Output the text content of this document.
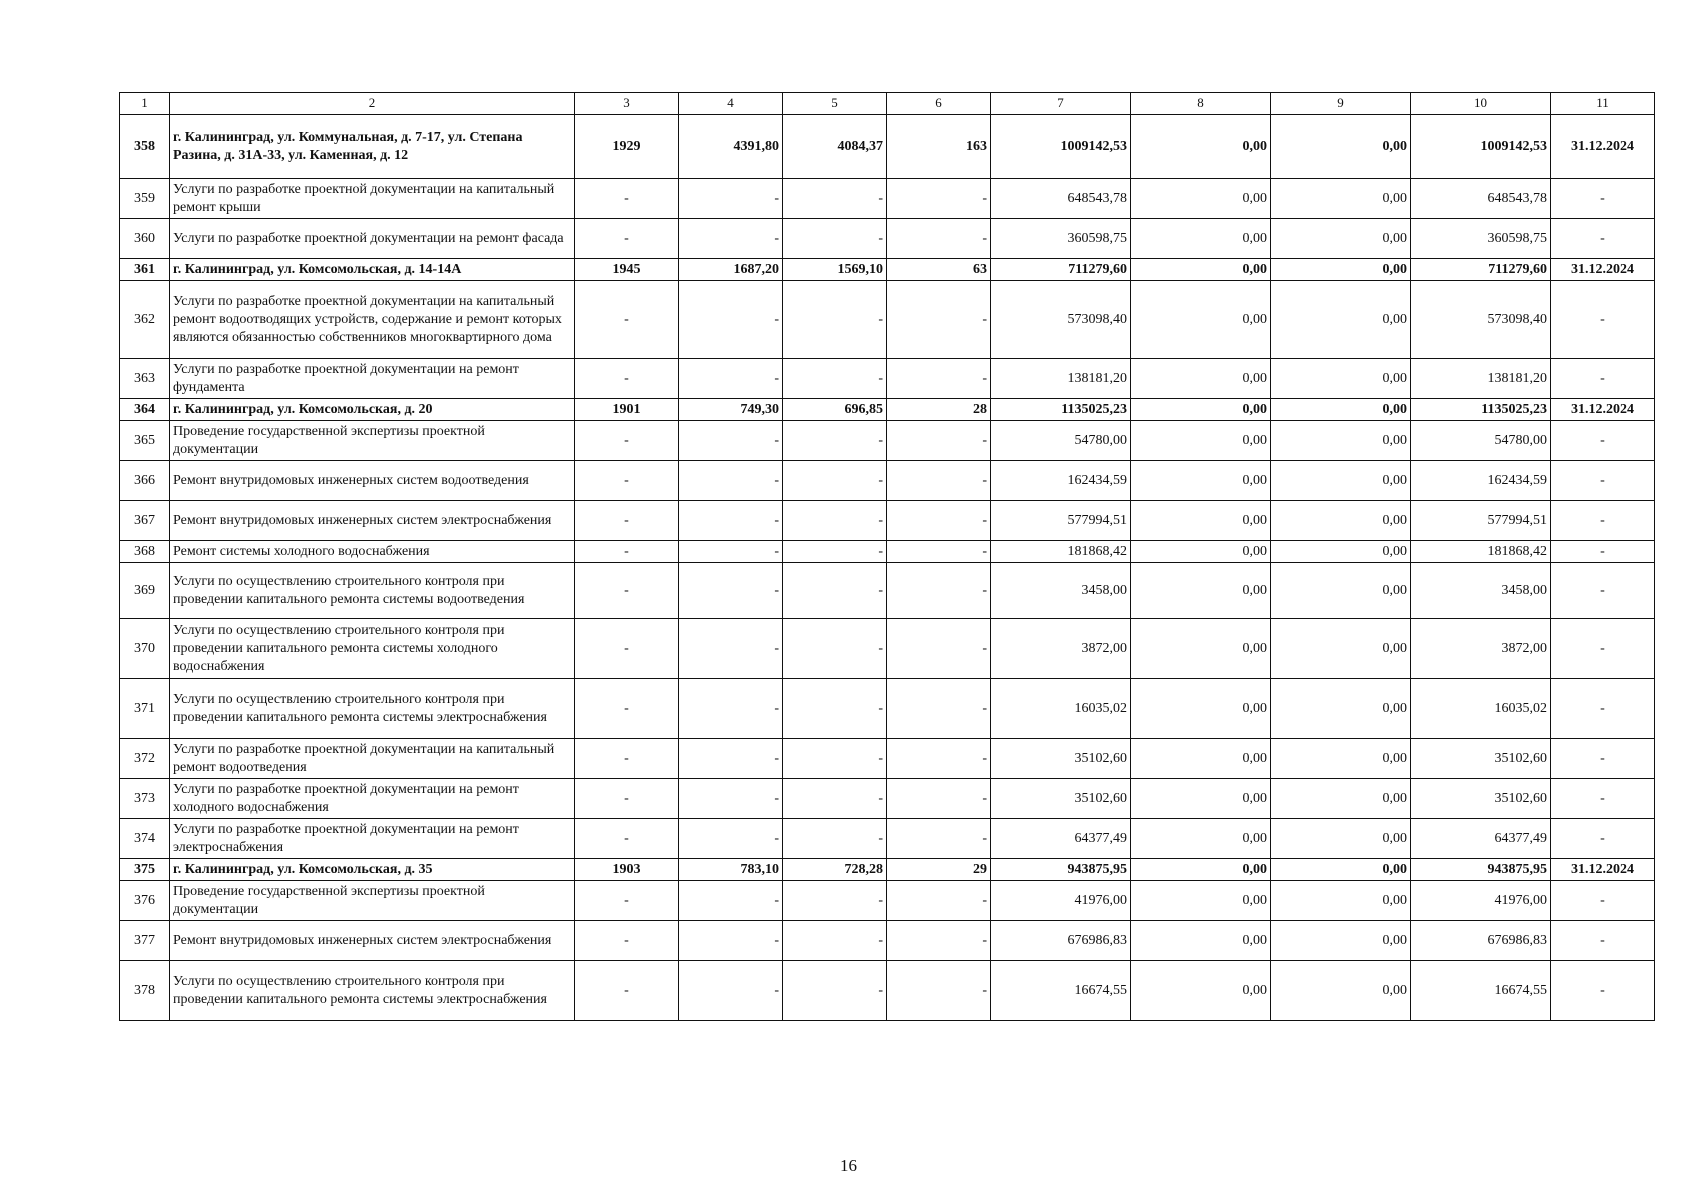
1	2	3	4	5	6	7	8	9	10	11
358	г. Калининград, ул. Коммунальная, д. 7-17, ул. Степана Разина, д. 31А-33, ул. Каменная, д. 12	1929	4391,80	4084,37	163	1009142,53	0,00	0,00	1009142,53	31.12.2024
359	Услуги по разработке проектной документации на капитальный ремонт крыши	-	-	-	-	648543,78	0,00	0,00	648543,78	-
360	Услуги по разработке проектной документации на ремонт фасада	-	-	-	-	360598,75	0,00	0,00	360598,75	-
361	г. Калининград, ул. Комсомольская, д. 14-14А	1945	1687,20	1569,10	63	711279,60	0,00	0,00	711279,60	31.12.2024
362	Услуги по разработке проектной документации на капитальный ремонт водоотводящих устройств, содержание и ремонт которых являются обязанностью собственников многоквартирного дома	-	-	-	-	573098,40	0,00	0,00	573098,40	-
363	Услуги по разработке проектной документации на ремонт фундамента	-	-	-	-	138181,20	0,00	0,00	138181,20	-
364	г. Калининград, ул. Комсомольская, д. 20	1901	749,30	696,85	28	1135025,23	0,00	0,00	1135025,23	31.12.2024
365	Проведение государственной экспертизы проектной документации	-	-	-	-	54780,00	0,00	0,00	54780,00	-
366	Ремонт внутридомовых инженерных систем водоотведения	-	-	-	-	162434,59	0,00	0,00	162434,59	-
367	Ремонт внутридомовых инженерных систем электроснабжения	-	-	-	-	577994,51	0,00	0,00	577994,51	-
368	Ремонт системы холодного водоснабжения	-	-	-	-	181868,42	0,00	0,00	181868,42	-
369	Услуги по осуществлению строительного контроля при проведении капитального ремонта системы водоотведения	-	-	-	-	3458,00	0,00	0,00	3458,00	-
370	Услуги по осуществлению строительного контроля при проведении капитального ремонта системы холодного водоснабжения	-	-	-	-	3872,00	0,00	0,00	3872,00	-
371	Услуги по осуществлению строительного контроля при проведении капитального ремонта системы электроснабжения	-	-	-	-	16035,02	0,00	0,00	16035,02	-
372	Услуги по разработке проектной документации на капитальный ремонт водоотведения	-	-	-	-	35102,60	0,00	0,00	35102,60	-
373	Услуги по разработке проектной документации на ремонт холодного водоснабжения	-	-	-	-	35102,60	0,00	0,00	35102,60	-
374	Услуги по разработке проектной документации на ремонт электроснабжения	-	-	-	-	64377,49	0,00	0,00	64377,49	-
375	г. Калининград, ул. Комсомольская, д. 35	1903	783,10	728,28	29	943875,95	0,00	0,00	943875,95	31.12.2024
376	Проведение государственной экспертизы проектной документации	-	-	-	-	41976,00	0,00	0,00	41976,00	-
377	Ремонт внутридомовых инженерных систем электроснабжения	-	-	-	-	676986,83	0,00	0,00	676986,83	-
378	Услуги по осуществлению строительного контроля при проведении капитального ремонта системы электроснабжения	-	-	-	-	16674,55	0,00	0,00	16674,55	-
16
